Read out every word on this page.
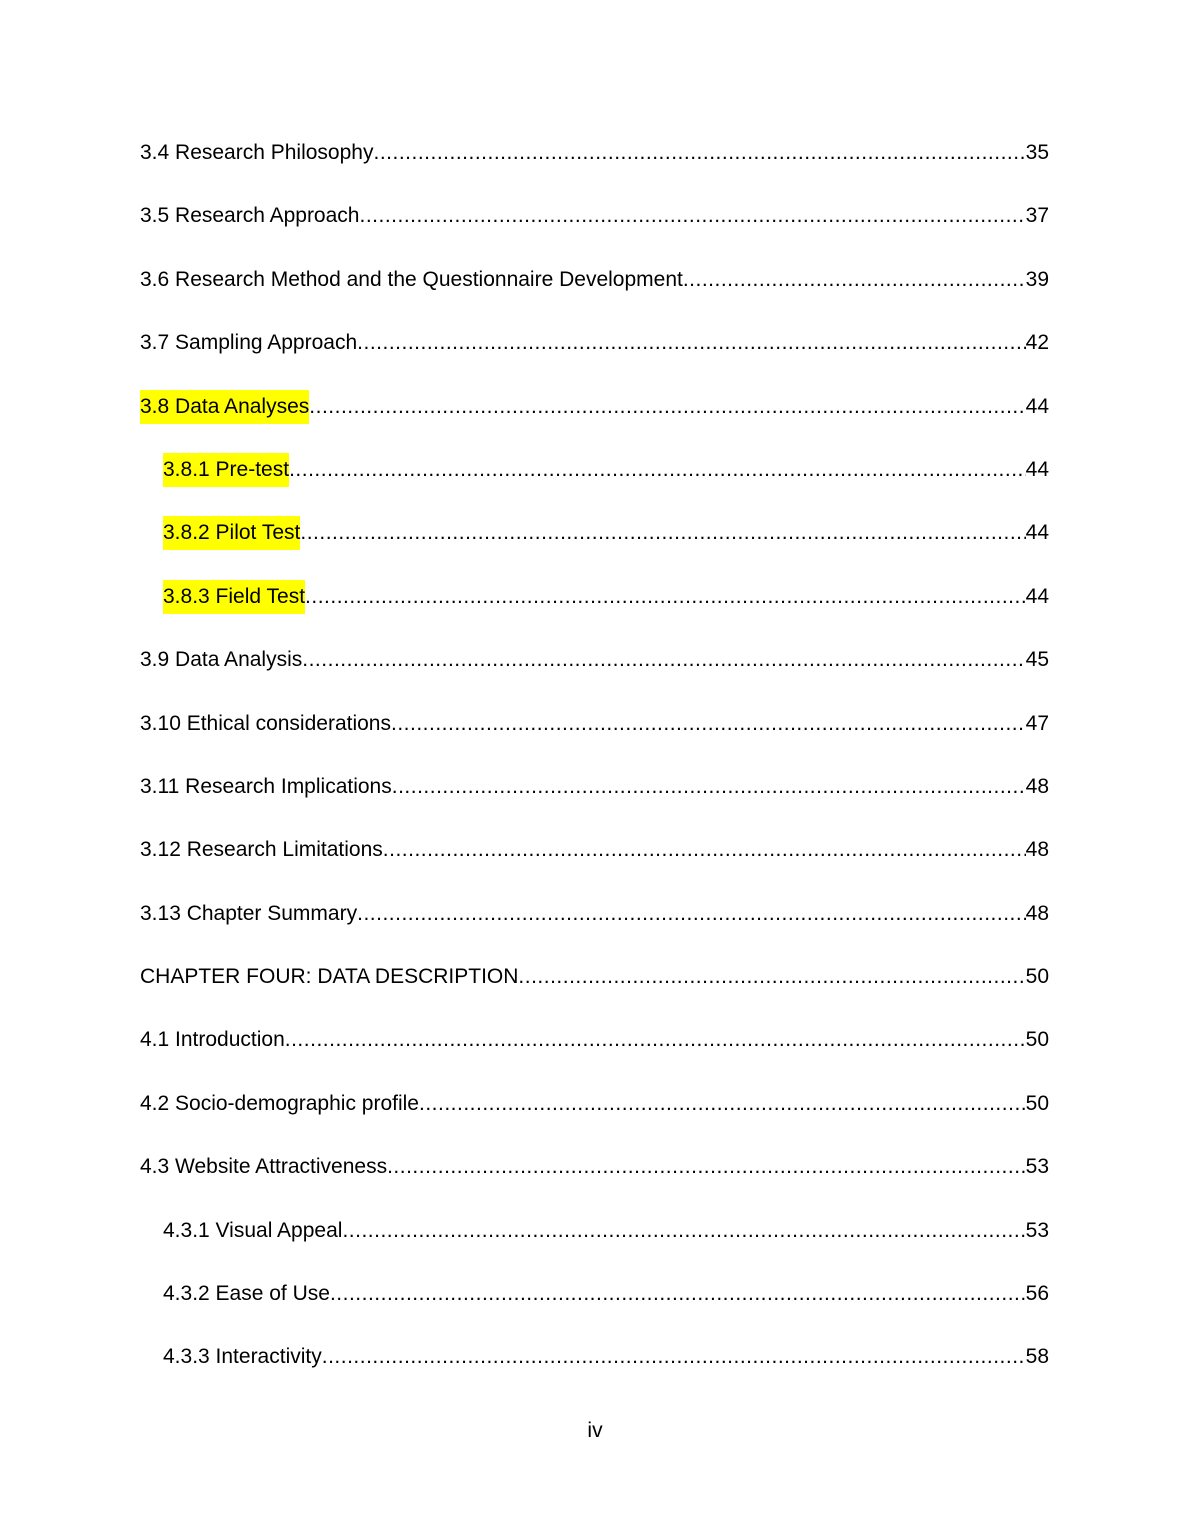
3.4 Research Philosophy .....	35
3.5 Research Approach .....	37
3.6 Research Method and the Questionnaire Development .....	39
3.7 Sampling Approach .....	42
3.8 Data Analyses .....	44
3.8.1 Pre-test .....	44
3.8.2 Pilot Test .....	44
3.8.3 Field Test .....	44
3.9 Data Analysis .....	45
3.10 Ethical considerations .....	47
3.11 Research Implications .....	48
3.12 Research Limitations .....	48
3.13 Chapter Summary .....	48
CHAPTER FOUR: DATA DESCRIPTION .....	50
4.1 Introduction .....	50
4.2 Socio-demographic profile .....	50
4.3 Website Attractiveness .....	53
4.3.1 Visual Appeal .....	53
4.3.2 Ease of Use .....	56
4.3.3 Interactivity .....	58
iv
